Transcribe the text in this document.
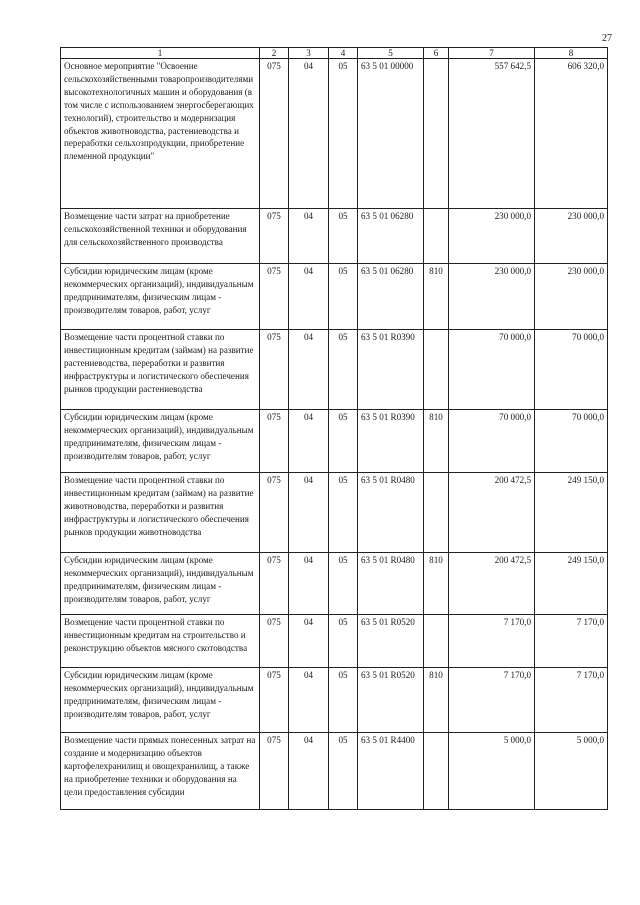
27
1	2	3	4	5	6	7	8
Основное мероприятие "Освоение сельскохозяйственными товаропроизводителями высокотехнологичных машин и оборудования (в том числе с использованием энергосберегающих технологий), строительство и модернизация объектов животноводства, растениеводства и переработки сельхозпродукции, приобретение племенной продукции"	075	04	05	63 5 01 00000		557 642,5	606 320,0
Возмещение части затрат на приобретение сельскохозяйственной техники и оборудования для сельскохозяйственного производства	075	04	05	63 5 01 06280		230 000,0	230 000,0
Субсидии юридическим лицам (кроме некоммерческих организаций), индивидуальным предпринимателям, физическим лицам - производителям товаров, работ, услуг	075	04	05	63 5 01 06280	810	230 000,0	230 000,0
Возмещение части процентной ставки по инвестиционным кредитам (займам) на развитие растениеводства, переработки и развития инфраструктуры и логистического обеспечения рынков продукции растениеводства	075	04	05	63 5 01 R0390		70 000,0	70 000,0
Субсидии юридическим лицам (кроме некоммерческих организаций), индивидуальным предпринимателям, физическим лицам - производителям товаров, работ, услуг	075	04	05	63 5 01 R0390	810	70 000,0	70 000,0
Возмещение части процентной ставки по инвестиционным кредитам (займам) на развитие животноводства, переработки и развития инфраструктуры и логистического обеспечения рынков продукции животноводства	075	04	05	63 5 01 R0480		200 472,5	249 150,0
Субсидии юридическим лицам (кроме некоммерческих организаций), индивидуальным предпринимателям, физическим лицам - производителям товаров, работ, услуг	075	04	05	63 5 01 R0480	810	200 472,5	249 150,0
Возмещение части процентной ставки по инвестиционным кредитам на строительство и реконструкцию объектов мясного скотоводства	075	04	05	63 5 01 R0520		7 170,0	7 170,0
Субсидии юридическим лицам (кроме некоммерческих организаций), индивидуальным предпринимателям, физическим лицам - производителям товаров, работ, услуг	075	04	05	63 5 01 R0520	810	7 170,0	7 170,0
Возмещение части прямых понесенных затрат на создание и модернизацию объектов картофелехранилищ и овощехранилищ, а также на приобретение техники и оборудования на цели предоставления субсидии	075	04	05	63 5 01 R4400		5 000,0	5 000,0
